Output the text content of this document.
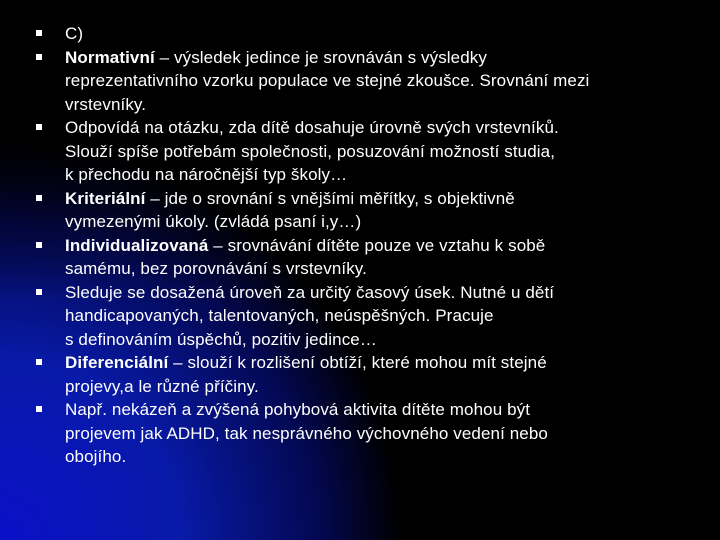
C)
Normativní – výsledek jedince je srovnáván s výsledky
reprezentativního vzorku populace ve stejné zkoušce. Srovnání mezi
vrstevníky.
Odpovídá na otázku, zda dítě dosahuje úrovně svých vrstevníků.
Slouží spíše potřebám společnosti, posuzování možností studia,
k přechodu na náročnější typ školy…
Kriteriální – jde o srovnání s vnějšími měřítky, s objektivně
vymezenými úkoly. (zvládá psaní i,y…)
Individualizovaná – srovnávání dítěte pouze ve vztahu k sobě
samému, bez porovnávání s vrstevníky.
Sleduje se dosažená úroveň za určitý časový úsek. Nutné u dětí
handicapovaných, talentovaných, neúspěšných. Pracuje
s definováním úspěchů, pozitiv jedince…
Diferenciální – slouží k rozlišení obtíží, které mohou mít stejné
projevy,a le různé příčiny.
Např. nekázeň a zvýšená pohybová aktivita dítěte mohou být
projevem jak ADHD, tak nesprávného výchovného vedení nebo
obojího.
